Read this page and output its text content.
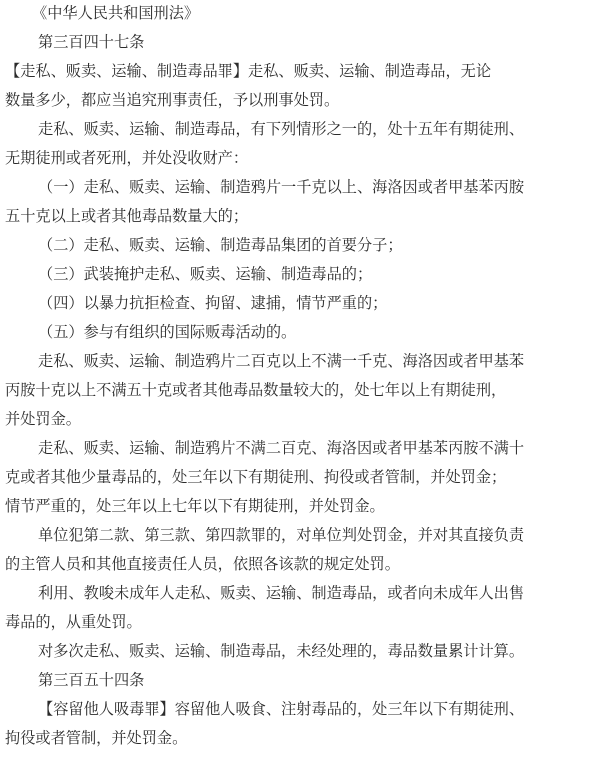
《中华人民共和国刑法》
第三百四十七条
【走私、贩卖、运输、制造毒品罪】走私、贩卖、运输、制造毒品，无论
数量多少，都应当追究刑事责任，予以刑事处罚。
走私、贩卖、运输、制造毒品，有下列情形之一的，处十五年有期徒刑、
无期徒刑或者死刑，并处没收财产：
（一）走私、贩卖、运输、制造鸦片一千克以上、海洛因或者甲基苯丙胺
五十克以上或者其他毒品数量大的；
（二）走私、贩卖、运输、制造毒品集团的首要分子；
（三）武装掩护走私、贩卖、运输、制造毒品的；
（四）以暴力抗拒检查、拘留、逮捕，情节严重的；
（五）参与有组织的国际贩毒活动的。
走私、贩卖、运输、制造鸦片二百克以上不满一千克、海洛因或者甲基苯
丙胺十克以上不满五十克或者其他毒品数量较大的，处七年以上有期徒刑，
并处罚金。
走私、贩卖、运输、制造鸦片不满二百克、海洛因或者甲基苯丙胺不满十
克或者其他少量毒品的，处三年以下有期徒刑、拘役或者管制，并处罚金；
情节严重的，处三年以上七年以下有期徒刑，并处罚金。
单位犯第二款、第三款、第四款罪的，对单位判处罚金，并对其直接负责
的主管人员和其他直接责任人员，依照各该款的规定处罚。
利用、教唆未成年人走私、贩卖、运输、制造毒品，或者向未成年人出售
毒品的，从重处罚。
对多次走私、贩卖、运输、制造毒品，未经处理的，毒品数量累计计算。
第三百五十四条
【容留他人吸毒罪】容留他人吸食、注射毒品的，处三年以下有期徒刑、
拘役或者管制，并处罚金。
